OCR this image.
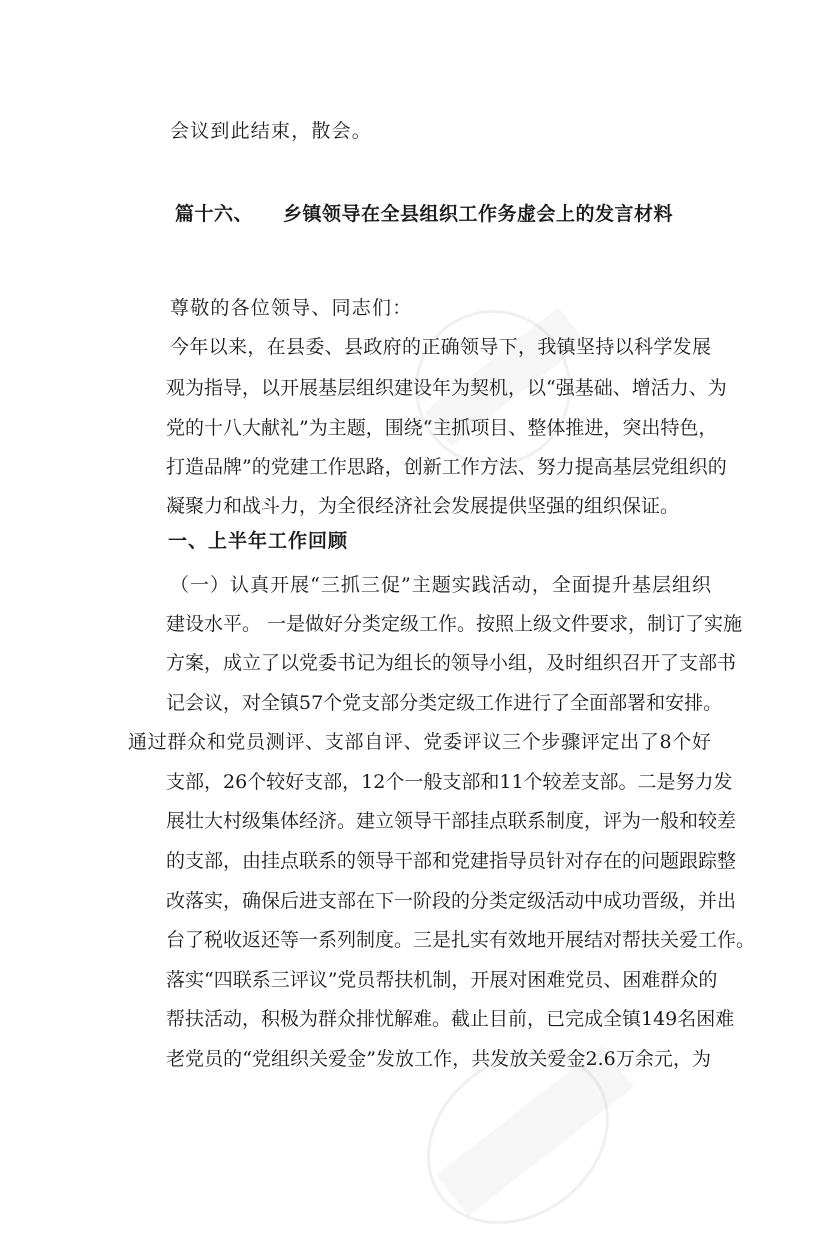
会议到此结束，散会。

篇十六、 乡镇领导在全县组织工作务虚会上的发言材料

尊敬的各位领导、同志们：

今年以来，在县委、县政府的正确领导下，我镇坚持以科学发展

观为指导，以开展基层组织建设年为契机，以“强基础、增活力、为

党的十八大献礼”为主题，围绕“主抓项目、整体推进，突出特色，

打造品牌”的党建工作思路，创新工作方法、努力提高基层党组织的

凝聚力和战斗力，为全很经济社会发展提供坚强的组织保证。

一、上半年工作回顾

（一）认真开展“三抓三促”主题实践活动，全面提升基层组织

建设水平。 一是做好分类定级工作。按照上级文件要求，制订了实施

方案，成立了以党委书记为组长的领导小组，及时组织召开了支部书

记会议，对全镇57个党支部分类定级工作进行了全面部署和安排。

通过群众和党员测评、支部自评、党委评议三个步骤评定出了8个好

支部，26个较好支部，12个一般支部和11个较差支部。二是努力发

展壮大村级集体经济。建立领导干部挂点联系制度，评为一般和较差

的支部，由挂点联系的领导干部和党建指导员针对存在的问题跟踪整

改落实，确保后进支部在下一阶段的分类定级活动中成功晋级，并出

台了税收返还等一系列制度。三是扎实有效地开展结对帮扶关爱工作。

落实“四联系三评议”党员帮扶机制，开展对困难党员、困难群众的

帮扶活动，积极为群众排忧解难。截止目前，已完成全镇149名困难

老党员的“党组织关爱金”发放工作，共发放关爱金2.6万余元，为
